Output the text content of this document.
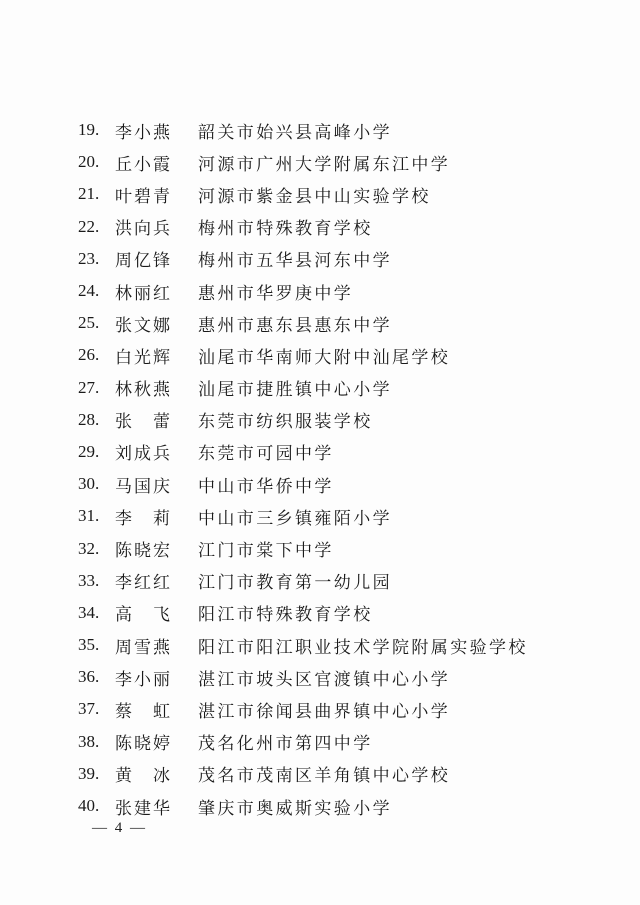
19. 李小燕	韶关市始兴县高峰小学
20. 丘小霞	河源市广州大学附属东江中学
21. 叶碧青	河源市紫金县中山实验学校
22. 洪向兵	梅州市特殊教育学校
23. 周亿锋	梅州市五华县河东中学
24. 林丽红	惠州市华罗庚中学
25. 张文娜	惠州市惠东县惠东中学
26. 白光辉	汕尾市华南师大附中汕尾学校
27. 林秋燕	汕尾市捷胜镇中心小学
28. 张　蕾	东莞市纺织服装学校
29. 刘成兵	东莞市可园中学
30. 马国庆	中山市华侨中学
31. 李　莉	中山市三乡镇雍陌小学
32. 陈晓宏	江门市棠下中学
33. 李红红	江门市教育第一幼儿园
34. 高　飞	阳江市特殊教育学校
35. 周雪燕	阳江市阳江职业技术学院附属实验学校
36. 李小丽	湛江市坡头区官渡镇中心小学
37. 蔡　虹	湛江市徐闻县曲界镇中心小学
38. 陈晓婷	茂名化州市第四中学
39. 黄　冰	茂名市茂南区羊角镇中心学校
40. 张建华	肇庆市奥威斯实验小学
— 4 —
